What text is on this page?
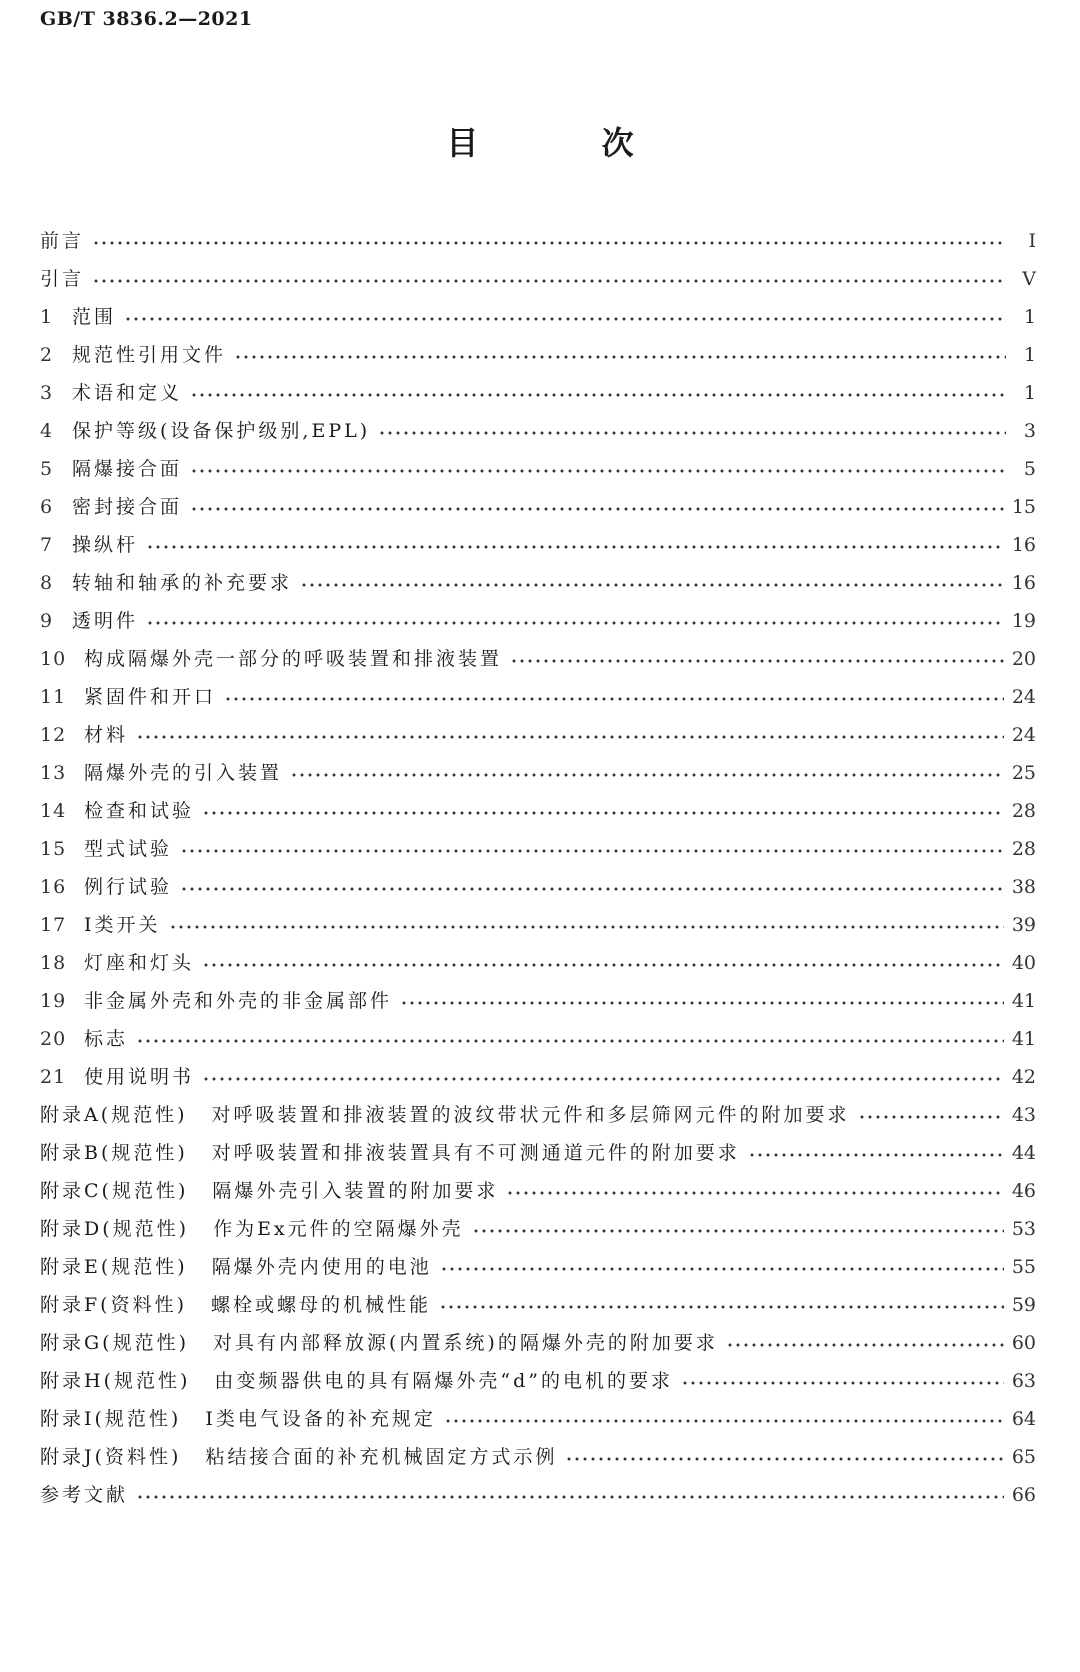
GB/T 3836.2—2021
目 次
前言	Ⅰ
引言	Ⅴ
1 范围	1
2 规范性引用文件	1
3 术语和定义	1
4 保护等级(设备保护级别,EPL)	3
5 隔爆接合面	5
6 密封接合面	15
7 操纵杆	16
8 转轴和轴承的补充要求	16
9 透明件	19
10 构成隔爆外壳一部分的呼吸装置和排液装置	20
11 紧固件和开口	24
12 材料	24
13 隔爆外壳的引入装置	25
14 检查和试验	28
15 型式试验	28
16 例行试验	38
17 Ⅰ类开关	39
18 灯座和灯头	40
19 非金属外壳和外壳的非金属部件	41
20 标志	41
21 使用说明书	42
附录A(规范性) 对呼吸装置和排液装置的波纹带状元件和多层筛网元件的附加要求	43
附录B(规范性) 对呼吸装置和排液装置具有不可测通道元件的附加要求	44
附录C(规范性) 隔爆外壳引入装置的附加要求	46
附录D(规范性) 作为Ex元件的空隔爆外壳	53
附录E(规范性) 隔爆外壳内使用的电池	55
附录F(资料性) 螺栓或螺母的机械性能	59
附录G(规范性) 对具有内部释放源(内置系统)的隔爆外壳的附加要求	60
附录H(规范性) 由变频器供电的具有隔爆外壳“d”的电机的要求	63
附录I(规范性) Ⅰ类电气设备的补充规定	64
附录J(资料性) 粘结接合面的补充机械固定方式示例	65
参考文献	66
